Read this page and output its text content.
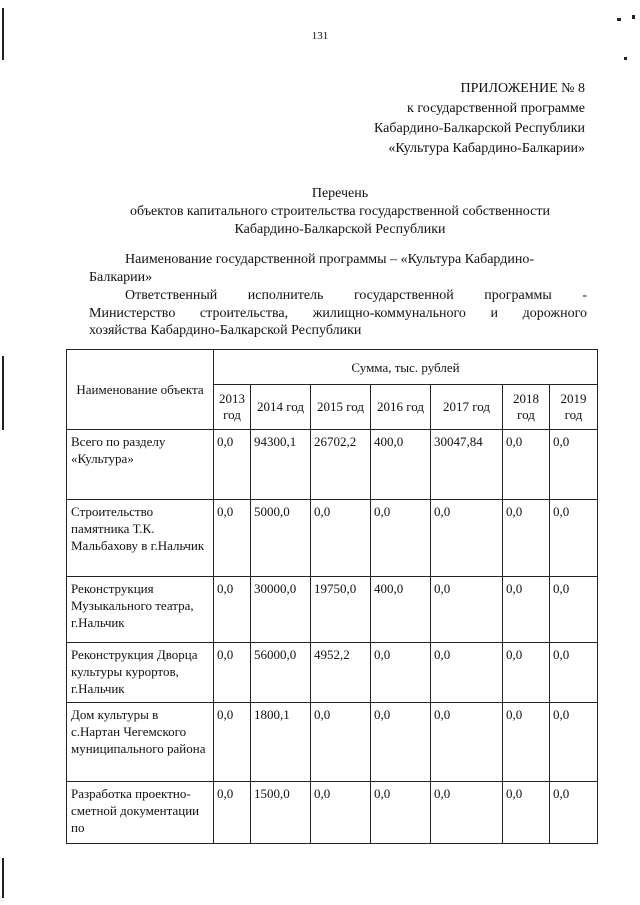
131
ПРИЛОЖЕНИЕ № 8
к государственной программе
Кабардино-Балкарской Республики
«Культура Кабардино-Балкарии»
Перечень
объектов капитального строительства государственной собственности
Кабардино-Балкарской Республики
Наименование государственной программы – «Культура Кабардино-
Балкарии»
Ответственный исполнитель государственной программы -
Министерство строительства, жилищно-коммунального и дорожного
хозяйства Кабардино-Балкарской Республики
Наименование объекта	Сумма, тыс. рублей						
	2013 год	2014 год	2015 год	2016 год	2017 год	2018 год	2019 год
Всего по разделу «Культура»	0,0	94300,1	26702,2	400,0	30047,84	0,0	0,0
Строительство памятника Т.К. Мальбахову в г.Нальчик	0,0	5000,0	0,0	0,0	0,0	0,0	0,0
Реконструкция Музыкального театра, г.Нальчик	0,0	30000,0	19750,0	400,0	0,0	0,0	0,0
Реконструкция Дворца культуры курортов, г.Нальчик	0,0	56000,0	4952,2	0,0	0,0	0,0	0,0
Дом культуры в с.Нартан Чегемского муниципального района	0,0	1800,1	0,0	0,0	0,0	0,0	0,0
Разработка проектно-сметной документации по	0,0	1500,0	0,0	0,0	0,0	0,0	0,0
